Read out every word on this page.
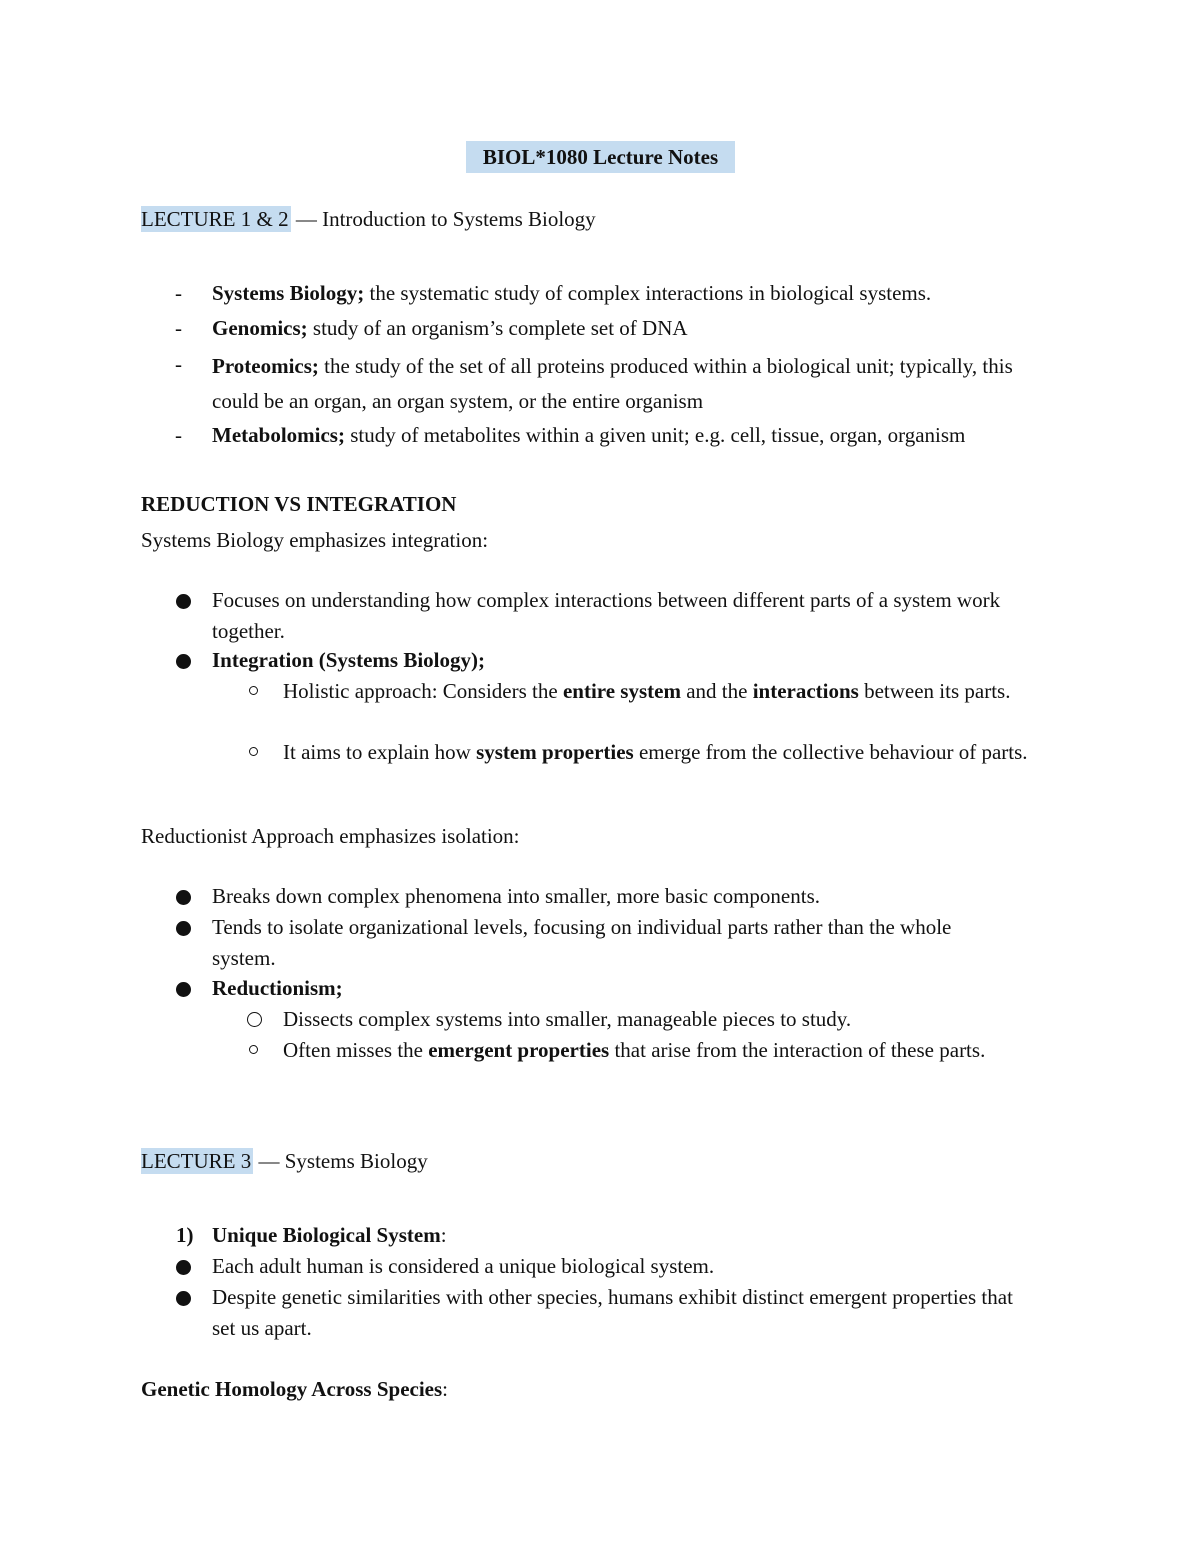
BIOL*1080 Lecture Notes
LECTURE 1 & 2 — Introduction to Systems Biology
-	Systems Biology; the systematic study of complex interactions in biological systems.
-	Genomics; study of an organism’s complete set of DNA
-	Proteomics; the study of the set of all proteins produced within a biological unit; typically, this could be an organ, an organ system, or the entire organism
-	Metabolomics; study of metabolites within a given unit; e.g. cell, tissue, organ, organism
REDUCTION VS INTEGRATION
Systems Biology emphasizes integration:
Focuses on understanding how complex interactions between different parts of a system work together.
Integration (Systems Biology);
Holistic approach: Considers the entire system and the interactions between its parts.
It aims to explain how system properties emerge from the collective behaviour of parts.
Reductionist Approach emphasizes isolation:
Breaks down complex phenomena into smaller, more basic components.
Tends to isolate organizational levels, focusing on individual parts rather than the whole system.
Reductionism;
Dissects complex systems into smaller, manageable pieces to study.
Often misses the emergent properties that arise from the interaction of these parts.
LECTURE 3 — Systems Biology
1) Unique Biological System:
Each adult human is considered a unique biological system.
Despite genetic similarities with other species, humans exhibit distinct emergent properties that set us apart.
Genetic Homology Across Species:
